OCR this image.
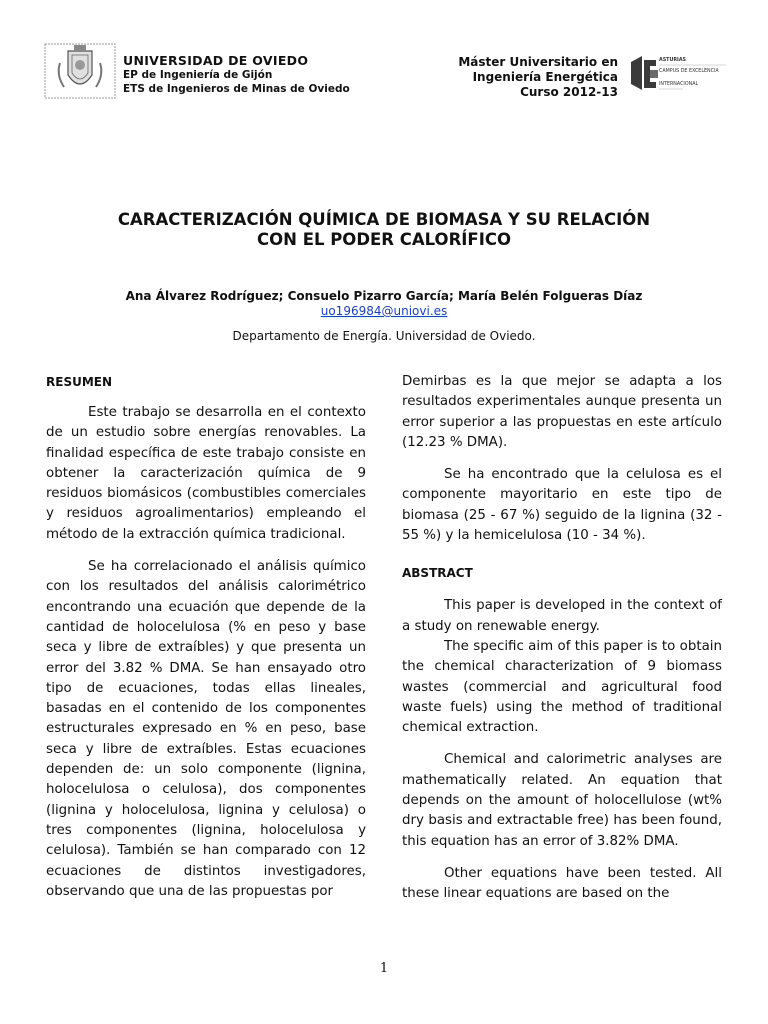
UNIVERSIDAD DE OVIEDO
EP de Ingeniería de Gijón
ETS de Ingenieros de Minas de Oviedo
Máster Universitario en
Ingeniería Energética
Curso 2012-13
ASTURIAS
CAMPUS DE EXCELENCIA
INTERNACIONAL
CARACTERIZACIÓN QUÍMICA DE BIOMASA Y SU RELACIÓN
CON EL PODER CALORÍFICO
Ana Álvarez Rodríguez; Consuelo Pizarro García; María Belén Folgueras Díaz
uo196984@uniovi.es
Departamento de Energía. Universidad de Oviedo.
RESUMEN

Este trabajo se desarrolla en el contexto de un estudio sobre energías renovables. La finalidad específica de este trabajo consiste en obtener la caracterización química de 9 residuos biomásicos (combustibles comerciales y residuos agroalimentarios) empleando el método de la extracción química tradicional.

Se ha correlacionado el análisis químico con los resultados del análisis calorimétrico encontrando una ecuación que depende de la cantidad de holocelulosa (% en peso y base seca y libre de extraíbles) y que presenta un error del 3.82 % DMA. Se han ensayado otro tipo de ecuaciones, todas ellas lineales, basadas en el contenido de los componentes estructurales expresado en % en peso, base seca y libre de extraíbles. Estas ecuaciones dependen de: un solo componente (lignina, holocelulosa o celulosa), dos componentes (lignina y holocelulosa, lignina y celulosa) o tres componentes (lignina, holocelulosa y celulosa). También se han comparado con 12 ecuaciones de distintos investigadores, observando que una de las propuestas por

Demirbas es la que mejor se adapta a los resultados experimentales aunque presenta un error superior a las propuestas en este artículo (12.23 % DMA).

Se ha encontrado que la celulosa es el componente mayoritario en este tipo de biomasa (25 - 67 %) seguido de la lignina (32 - 55 %) y la hemicelulosa (10 - 34 %).

ABSTRACT

This paper is developed in the context of a study on renewable energy.

The specific aim of this paper is to obtain the chemical characterization of 9 biomass wastes (commercial and agricultural food waste fuels) using the method of traditional chemical extraction.

Chemical and calorimetric analyses are mathematically related. An equation that depends on the amount of holocellulose (wt% dry basis and extractable free) has been found, this equation has an error of 3.82% DMA.

Other equations have been tested. All these linear equations are based on the

1
